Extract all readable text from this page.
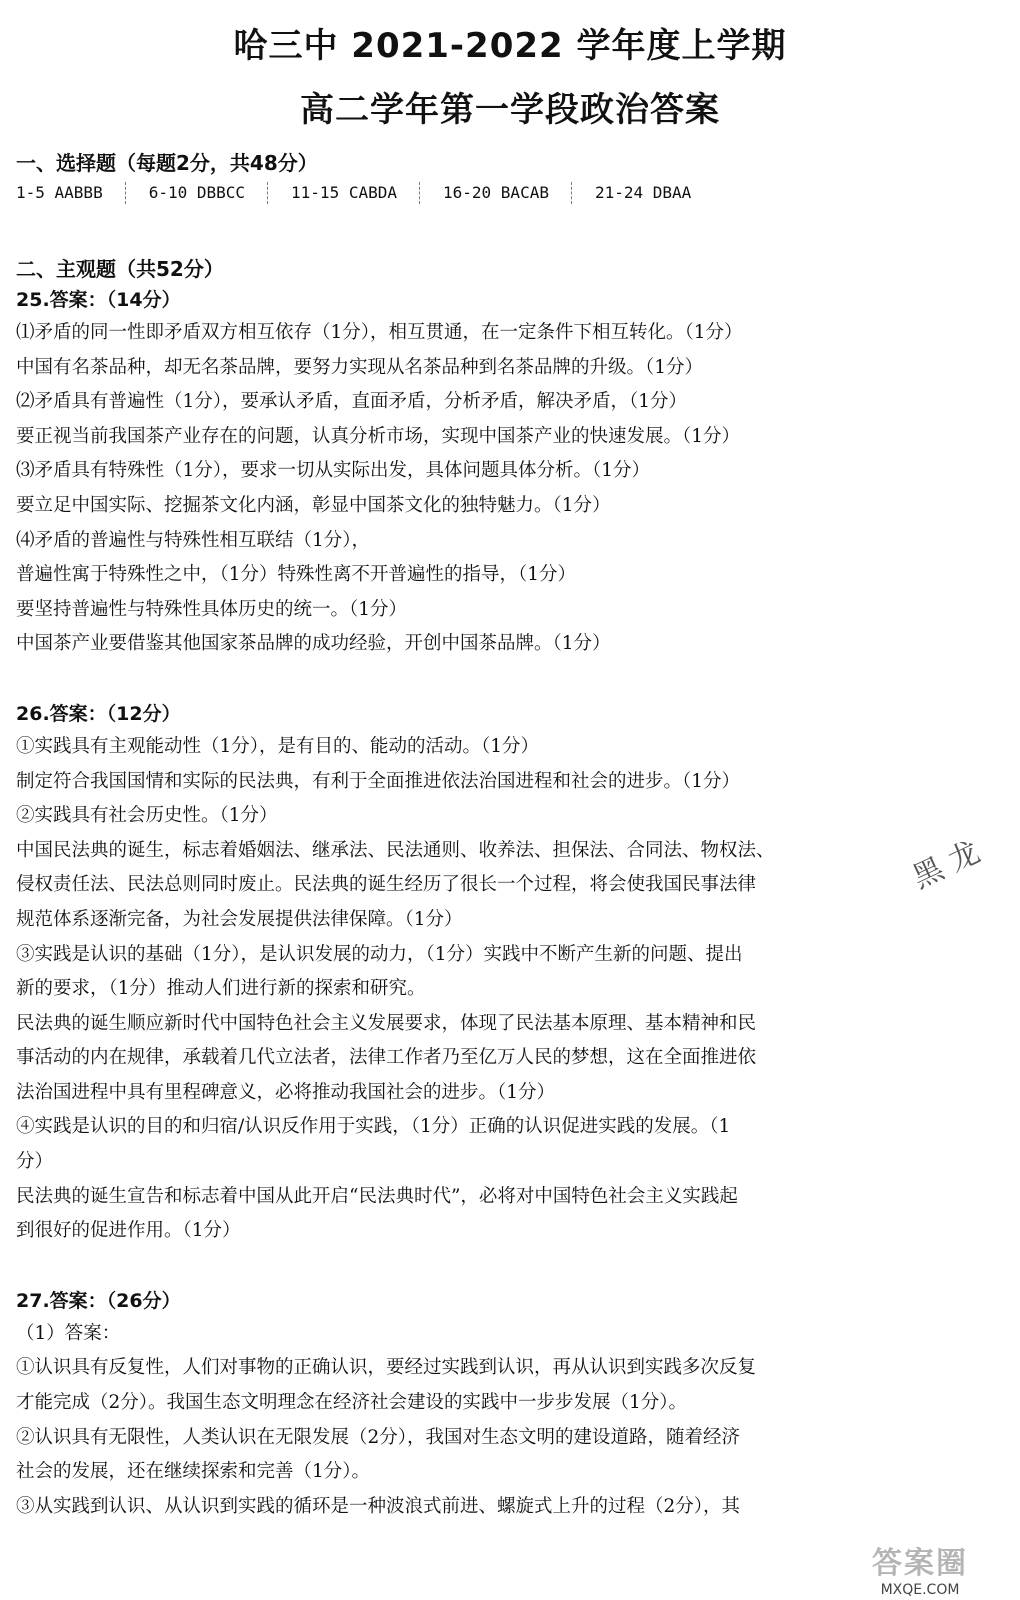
哈三中 2021-2022 学年度上学期
高二学年第一学段政治答案

一、选择题（每题2分，共48分）

1-5 AABBB	6-10 DBBCC	11-15 CABDA	16-20 BACAB	21-24 DBAA

二、主观题（共52分）

25.答案：（14分）

⑴矛盾的同一性即矛盾双方相互依存（1分），相互贯通，在一定条件下相互转化。（1分）

中国有名茶品种，却无名茶品牌，要努力实现从名茶品种到名茶品牌的升级。（1分）

⑵矛盾具有普遍性（1分），要承认矛盾，直面矛盾，分析矛盾，解决矛盾，（1分）

要正视当前我国茶产业存在的问题，认真分析市场，实现中国茶产业的快速发展。（1分）

⑶矛盾具有特殊性（1分），要求一切从实际出发，具体问题具体分析。（1分）

要立足中国实际、挖掘茶文化内涵，彰显中国茶文化的独特魅力。（1分）

⑷矛盾的普遍性与特殊性相互联结（1分），

普遍性寓于特殊性之中，（1分）特殊性离不开普遍性的指导，（1分）

要坚持普遍性与特殊性具体历史的统一。（1分）

中国茶产业要借鉴其他国家茶品牌的成功经验，开创中国茶品牌。（1分）

26.答案：（12分）

①实践具有主观能动性（1分），是有目的、能动的活动。（1分）

制定符合我国国情和实际的民法典，有利于全面推进依法治国进程和社会的进步。（1分）

②实践具有社会历史性。（1分）

中国民法典的诞生，标志着婚姻法、继承法、民法通则、收养法、担保法、合同法、物权法、

侵权责任法、民法总则同时废止。民法典的诞生经历了很长一个过程，将会使我国民事法律

规范体系逐渐完备，为社会发展提供法律保障。（1分）

③实践是认识的基础（1分），是认识发展的动力，（1分）实践中不断产生新的问题、提出

新的要求，（1分）推动人们进行新的探索和研究。

民法典的诞生顺应新时代中国特色社会主义发展要求，体现了民法基本原理、基本精神和民

事活动的内在规律，承载着几代立法者，法律工作者乃至亿万人民的梦想，这在全面推进依

法治国进程中具有里程碑意义，必将推动我国社会的进步。（1分）

④实践是认识的目的和归宿/认识反作用于实践，（1分）正确的认识促进实践的发展。（1

分）

民法典的诞生宣告和标志着中国从此开启“民法典时代”，必将对中国特色社会主义实践起

到很好的促进作用。（1分）

27.答案：（26分）

（1）答案：

①认识具有反复性，人们对事物的正确认识，要经过实践到认识，再从认识到实践多次反复

才能完成（2分）。我国生态文明理念在经济社会建设的实践中一步步发展（1分）。

②认识具有无限性，人类认识在无限发展（2分），我国对生态文明的建设道路，随着经济

社会的发展，还在继续探索和完善（1分）。

③从实践到认识、从认识到实践的循环是一种波浪式前进、螺旋式上升的过程（2分），其

黑 龙
答案圈
MXQE.COM
